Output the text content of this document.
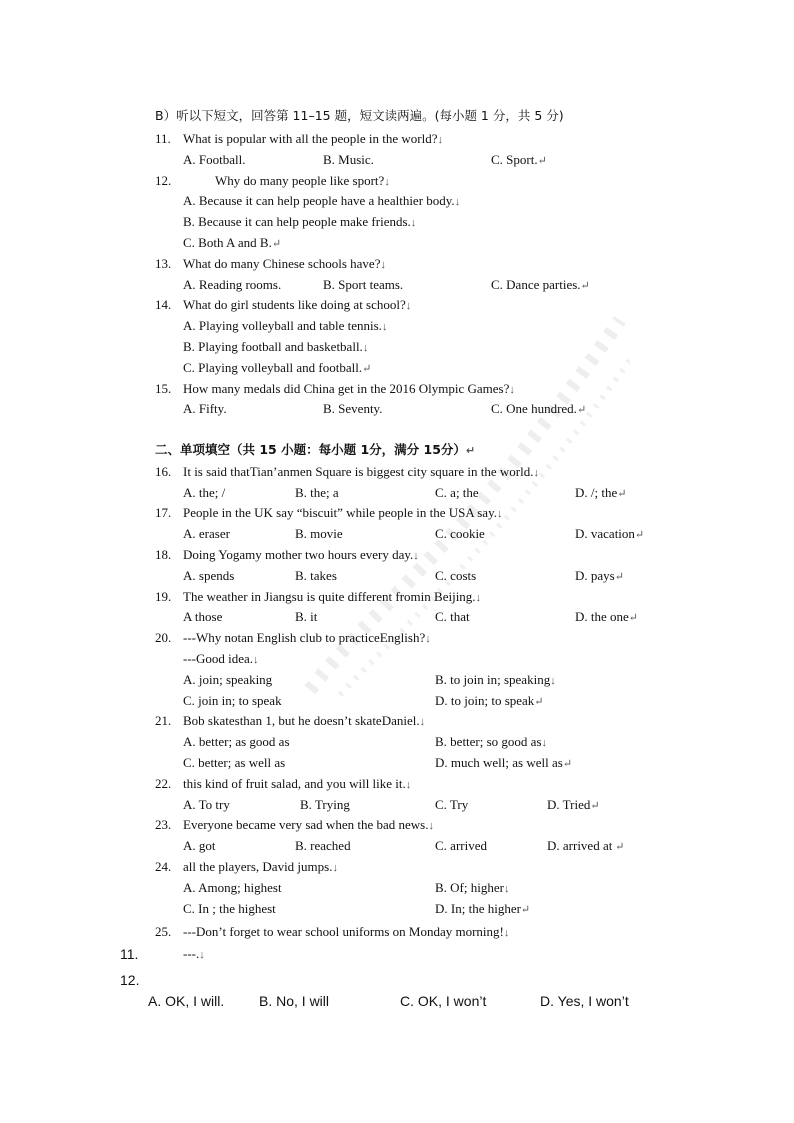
B）听以下短文，回答第 11–15 题，短文读两遍。(每小题 1 分，共 5 分)
11. What is popular with all the people in the world?↓
A. Football.	B. Music.	C. Sport.↵
12.	Why do many people like sport?↓
A. Because it can help people have a healthier body.↓
B. Because it can help people make friends.↓
C. Both A and B.↵
13. What do many Chinese schools have?↓
A. Reading rooms.	B. Sport teams.	C. Dance parties.↵
14. What do girl students like doing at school?↓
A. Playing volleyball and table tennis.↓
B. Playing football and basketball.↓
C. Playing volleyball and football.↵
15. How many medals did China get in the 2016 Olympic Games?↓
A. Fifty.	B. Seventy.	C. One hundred.↵
二、单项填空（共 15 小题：每小题 1分，满分 15分）↵
16. It is said thatTian’anmen Square is biggest city square in the world.↓
A. the; /	B. the; a	C. a; the	D. /; the↵
17. People in the UK say “biscuit” while people in the USA say.↓
A. eraser	B. movie	C. cookie	D. vacation↵
18. Doing Yogamy mother two hours every day.↓
A. spends	B. takes	C. costs	D. pays↵
19. The weather in Jiangsu is quite different fromin Beijing.↓
A those	B. it	C. that	D. the one↵
20. ---Why notan English club to practiceEnglish?↓
---Good idea.↓
A. join; speaking	B. to join in; speaking↓
C. join in; to speak	D. to join; to speak↵
21. Bob skatesthan 1, but he doesn’t skateDaniel.↓
A. better; as good as	B. better; so good as↓
C. better; as well as	D. much well; as well as↵
22. this kind of fruit salad, and you will like it.↓
A. To try	B. Trying	C. Try	D. Tried↵
23. Everyone became very sad when the bad news.↓
A. got	B. reached	C. arrived	D. arrived at ↵
24. all the players, David jumps.↓
A. Among; highest	B. Of; higher↓
C. In ; the highest	D. In; the higher↵
25. ---Don’t forget to wear school uniforms on Monday morning!↓
11.	---.↓
12.
A. OK, I will. B. No, I will	C. OK, I won’t	D. Yes, I won’t
